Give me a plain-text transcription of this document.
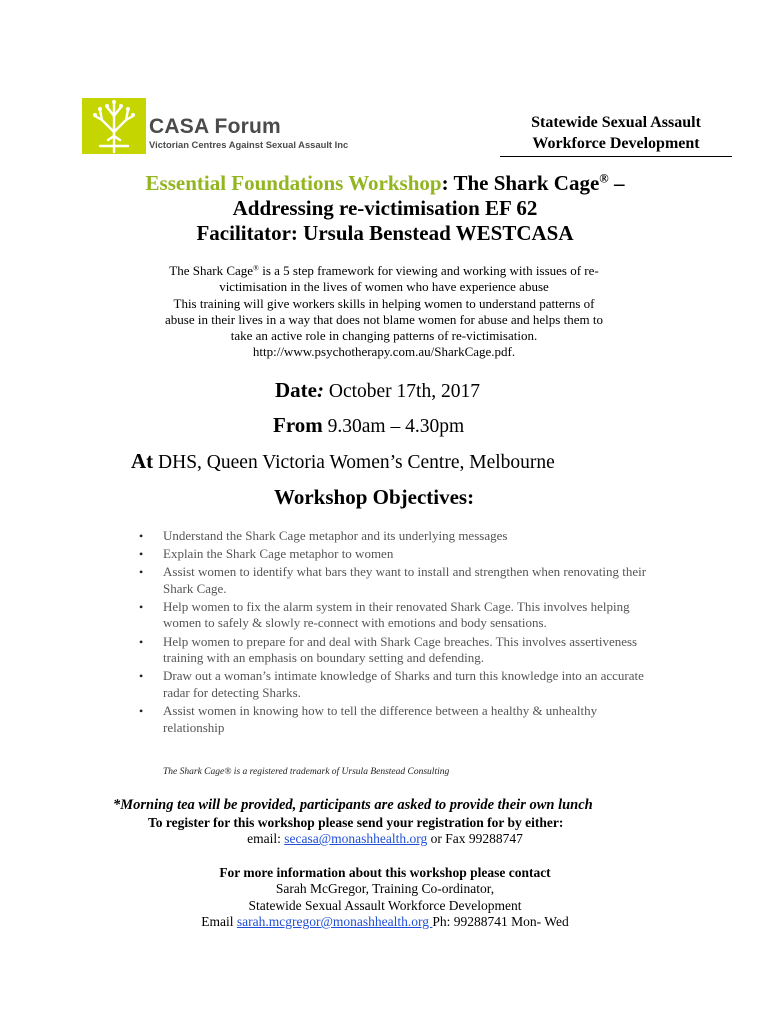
CASA Forum
Victorian Centres Against Sexual Assault Inc
Statewide Sexual Assault
Workforce Development
Essential Foundations Workshop: The Shark Cage® –
Addressing re-victimisation EF 62
Facilitator: Ursula Benstead WESTCASA
The Shark Cage® is a 5 step framework for viewing and working with issues of re-
victimisation in the lives of women who have experience abuse
This training will give workers skills in helping women to understand patterns of
abuse in their lives in a way that does not blame women for abuse and helps them to
take an active role in changing patterns of re-victimisation.
http://www.psychotherapy.com.au/SharkCage.pdf.
Date: October 17th, 2017
From 9.30am – 4.30pm
At DHS, Queen Victoria Women’s Centre, Melbourne
Workshop Objectives:
• Understand the Shark Cage metaphor and its underlying messages
• Explain the Shark Cage metaphor to women
• Assist women to identify what bars they want to install and strengthen when renovating their Shark Cage.
• Help women to fix the alarm system in their renovated Shark Cage. This involves helping women to safely & slowly re-connect with emotions and body sensations.
• Help women to prepare for and deal with Shark Cage breaches. This involves assertiveness training with an emphasis on boundary setting and defending.
• Draw out a woman’s intimate knowledge of Sharks and turn this knowledge into an accurate radar for detecting Sharks.
• Assist women in knowing how to tell the difference between a healthy & unhealthy relationship
The Shark Cage® is a registered trademark of Ursula Benstead Consulting
*Morning tea will be provided, participants are asked to provide their own lunch
To register for this workshop please send your registration for by either:
email: secasa@monashhealth.org or Fax 99288747
For more information about this workshop please contact
Sarah McGregor, Training Co-ordinator,
Statewide Sexual Assault Workforce Development
Email sarah.mcgregor@monashhealth.org Ph: 99288741 Mon- Wed
